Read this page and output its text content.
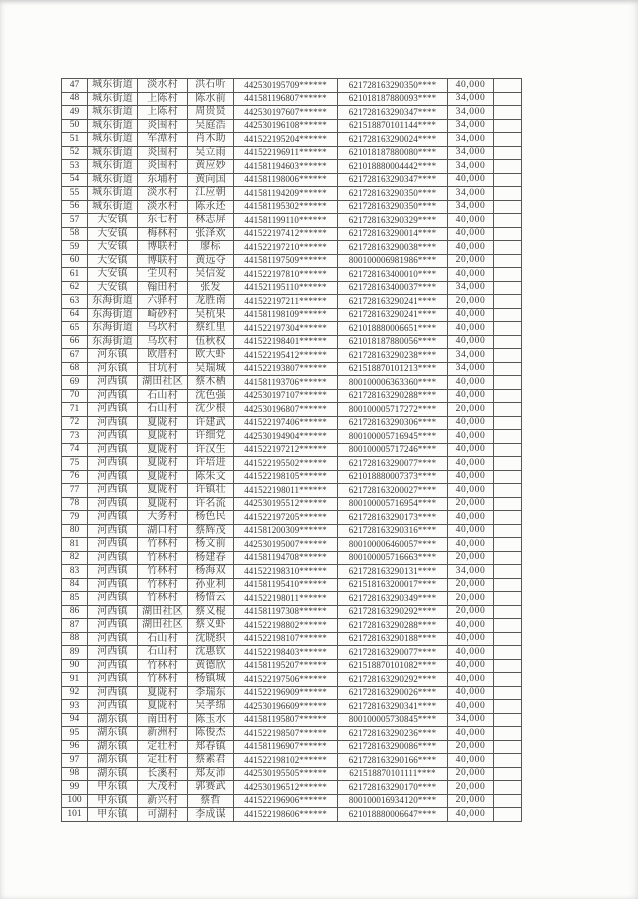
47	城东街道	淡水村	洪石听	442530195709******	621728163290350****	40,000	
48	城东街道	上陈村	陈水前	441581196807******	621018187880093****	34,000	
49	城东街道	上陈村	周贵贤	442530197607******	621728163290347****	34,000	
50	城东街道	炎围村	吴庭浩	442530196108******	621518870101144****	34,000	
51	城东街道	军潭村	肖木助	441522195204******	621728163290024****	34,000	
52	城东街道	炎围村	吴立雨	441522196911******	621018187880080****	34,000	
53	城东街道	炎围村	黄应妙	441581194603******	621018880004442****	34,000	
54	城东街道	东埔村	黄向国	441581198006******	621728163290347****	40,000	
55	城东街道	淡水村	江应朝	441581194209******	621728163290350****	34,000	
56	城东街道	淡水村	陈永还	441581195302******	621728163290350****	34,000	
57	大安镇	东七村	林志屏	441581199110******	621728163290329****	40,000	
58	大安镇	梅林村	张泽欢	441522197412******	621728163290014****	40,000	
59	大安镇	博联村	廖标	441522197210******	621728163290038****	40,000	
60	大安镇	博联村	黄远夺	441581197509******	800100006981986****	20,000	
61	大安镇	坣贝村	吴信爱	441522197810******	621728163400010****	40,000	
62	大安镇	翰田村	张发	441521195110******	621728163400037****	34,000	
63	东海街道	六驿村	龙胜南	441522197211******	621728163290241****	20,000	
64	东海街道	崎砂村	吴杭果	441581198109******	621728163290241****	40,000	
65	东海街道	乌坎村	蔡红里	441522197304******	621018880006651****	40,000	
66	东海街道	乌坎村	伍秋权	441522198401******	621018187880056****	40,000	
67	河东镇	欧厝村	欧大虾	441522195412******	621728163290238****	34,000	
68	河东镇	甘坑村	吴瑞城	441522193807******	621518870101213****	34,000	
69	河西镇	湖田社区	蔡木栖	441581193706******	800100006363360****	40,000	
70	河西镇	石山村	沈色强	442530197107******	621728163290288****	40,000	
71	河西镇	石山村	沈少根	442530196807******	800100005717272****	20,000	
72	河西镇	夏陇村	许建武	441522197406******	621728163290306****	40,000	
73	河西镇	夏陇村	许细党	442530194904******	800100005716945****	40,000	
74	河西镇	夏陇村	许汉生	441522197212******	800100005717246****	40,000	
75	河西镇	夏陇村	许培进	441522195502******	621728163290077****	40,000	
76	河西镇	夏陇村	陈朱文	441522198105******	621018880007373****	40,000	
77	河西镇	夏陇村	许镇壮	441522198011******	621728163200027****	40,000	
78	河西镇	夏陇村	许名流	442530195512******	800100005716954****	20,000	
79	河西镇	大务村	杨色民	441522197205******	621728163290173****	40,000	
80	河西镇	湖口村	蔡辉茂	441581200309******	621728163290316****	40,000	
81	河西镇	竹林村	杨文前	442530195007******	800100006460057****	40,000	
82	河西镇	竹林村	杨建春	441581194708******	800100005716663****	20,000	
83	河西镇	竹林村	杨海双	441522198310******	621728163290131****	34,000	
84	河西镇	竹林村	孙业利	441581195410******	621518163200017****	20,000	
85	河西镇	竹林村	杨惜云	441522198011******	621728163290349****	20,000	
86	河西镇	湖田社区	蔡义棍	441581197308******	621728163290292****	20,000	
87	河西镇	湖田社区	蔡义虾	441522198802******	621728163290288****	40,000	
88	河西镇	石山村	沈晓织	441522198107******	621728163290188****	40,000	
89	河西镇	石山村	沈惠钦	441522198403******	621728163290077****	40,000	
90	河西镇	竹林村	黄德欣	441581195207******	621518870101082****	40,000	
91	河西镇	竹林村	杨镇城	441522197506******	621728163290292****	40,000	
92	河西镇	夏陇村	李瑞东	441522196909******	621728163290026****	40,000	
93	河西镇	夏陇村	吴孝绵	442530196609******	621728163290341****	40,000	
94	湖东镇	南田村	陈玉水	441581195807******	800100005730845****	34,000	
95	湖东镇	新洲村	陈俊杰	441522198507******	621728163290236****	40,000	
96	湖东镇	定壮村	郑春镇	441581196907******	621728163290086****	20,000	
97	湖东镇	定壮村	蔡素君	441522198102******	621728163290166****	40,000	
98	湖东镇	长溪村	郑友沛	442530195505******	621518870101111****	20,000	
99	甲东镇	大茂村	郭赛武	442530196512******	621728163290170****	20,000	
100	甲东镇	新兴村	蔡哲	441522196906******	800100016934120****	20,000	
101	甲东镇	可湖村	李成谋	441522198606******	621018880006647****	40,000	
